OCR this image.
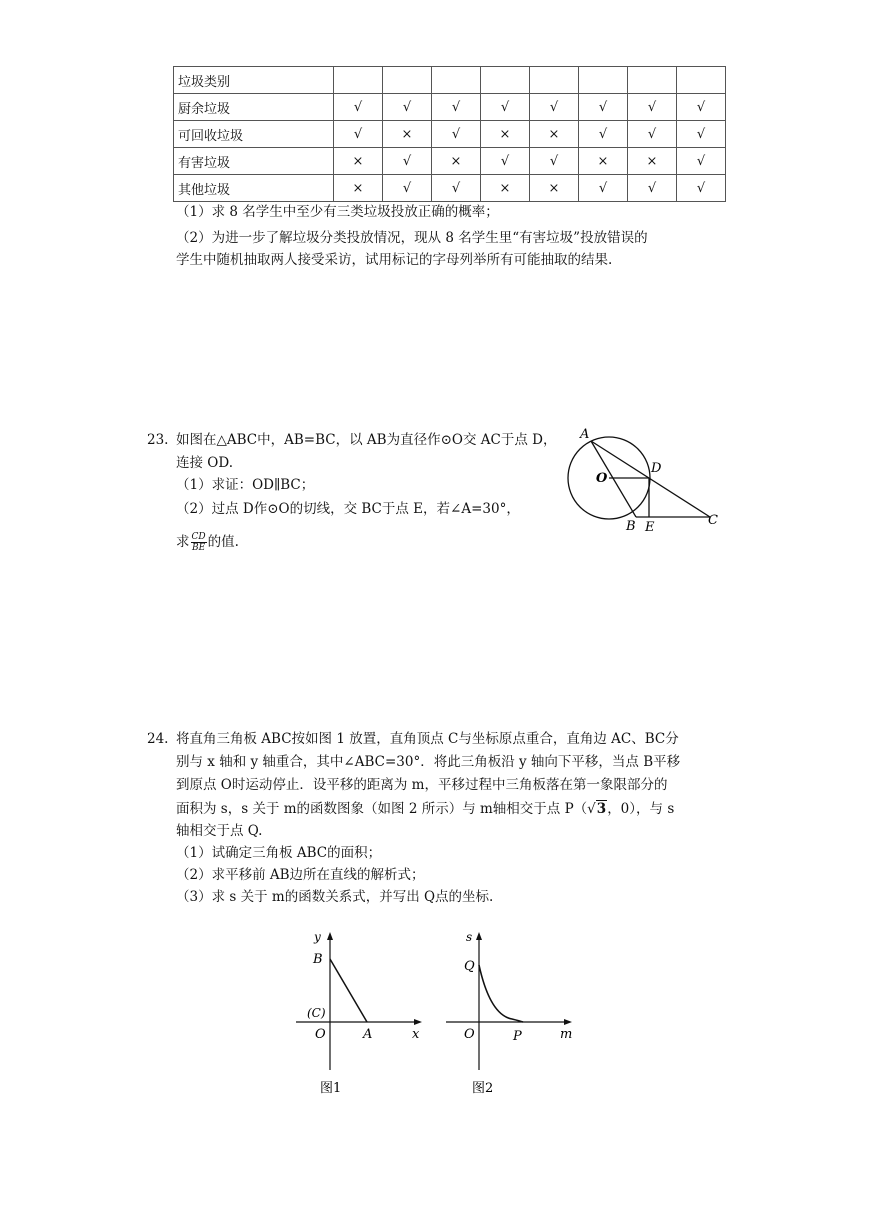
垃圾类别								
厨余垃圾	√	√	√	√	√	√	√	√
可回收垃圾	√	×	√	×	×	√	√	√
有害垃圾	×	√	×	√	√	×	×	√
其他垃圾	×	√	√	×	×	√	√	√
（1）求 8 名学生中至少有三类垃圾投放正确的概率；
（2）为进一步了解垃圾分类投放情况，现从 8 名学生里“有害垃圾”投放错误的
学生中随机抽取两人接受采访，试用标记的字母列举所有可能抽取的结果.
23. 如图在△ABC中，AB=BC，以 AB为直径作⊙O交 AC于点 D，
连接 OD.
（1）求证：OD∥BC；
（2）过点 D作⊙O的切线，交 BC于点 E，若∠A=30°，
求 $\frac{CD}{BE}$ 的值.
A
O
D
B E	C
24. 将直角三角板 ABC按如图 1 放置，直角顶点 C与坐标原点重合，直角边 AC、BC分
别与 x 轴和 y 轴重合，其中∠ABC=30°．将此三角板沿 y 轴向下平移，当点 B平移
到原点 O时运动停止．设平移的距离为 m，平移过程中三角板落在第一象限部分的
面积为 s，s 关于 m的函数图象（如图 2 所示）与 m轴相交于点 P（√3，0），与 s
轴相交于点 Q.
（1）试确定三角板 ABC的面积；
（2）求平移前 AB边所在直线的解析式；
（3）求 s 关于 m的函数关系式，并写出 Q点的坐标.
y
B
(C)
O	A	x
图1
s
Q
O	P	m
图2
